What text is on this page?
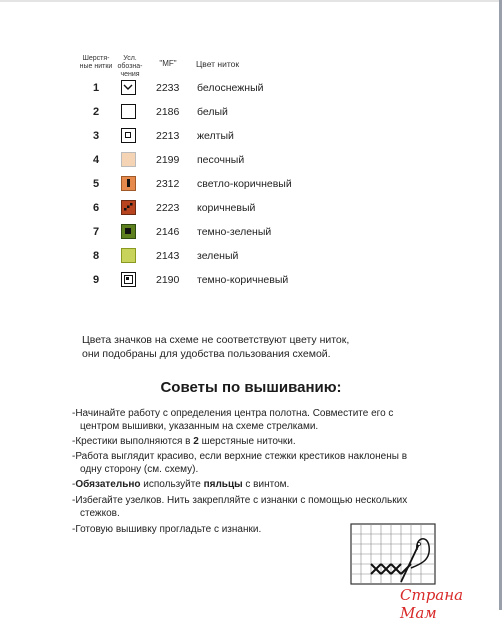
Шерстя-ные нитки
Усл. обозна-чения
"MF"	Цвет ниток
1	2233 белоснежный
2	2186 белый
3	2213 желтый
4	2199 песочный
5	2312 светло-коричневый
6	2223 коричневый
7	2146 темно-зеленый
8	2143 зеленый
9	2190 темно-коричневый
Цвета значков на схеме не соответствуют цвету ниток,
они подобраны для удобства пользования схемой.
Советы по вышиванию:
-Начинайте работу с определения центра полотна. Совместите его с
центром вышивки, указанным на схеме стрелками.
-Крестики выполняются в 2 шерстяные ниточки.
-Работа выглядит красиво, если верхние стежки крестиков наклонены в
одну сторону (см. схему).
-Обязательно используйте пяльцы с винтом.
-Избегайте узелков. Нить закрепляйте с изнанки с помощью нескольких
стежков.
-Готовую вышивку прогладьте с изнанки.
Страна Мам
